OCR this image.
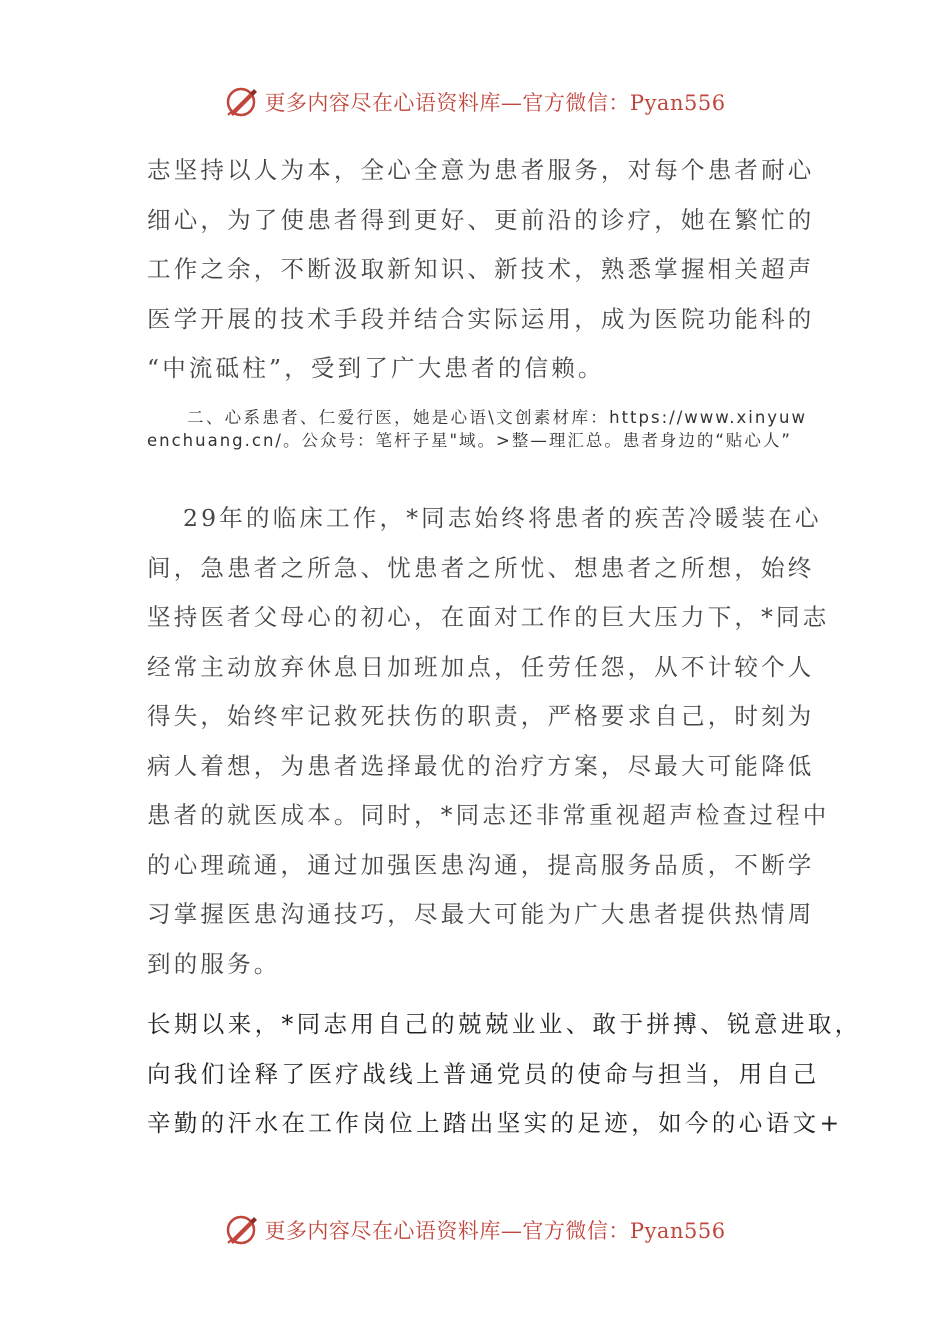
更多内容尽在心语资料库—官方微信：Pyan556
志坚持以人为本，全心全意为患者服务，对每个患者耐心
细心，为了使患者得到更好、更前沿的诊疗，她在繁忙的
工作之余，不断汲取新知识、新技术，熟悉掌握相关超声
医学开展的技术手段并结合实际运用，成为医院功能科的
“中流砥柱”，受到了广大患者的信赖。
二、心系患者、仁爱行医，她是心语\文创素材库：https://www.xinyuwenchuang.cn/。公众号：笔杆子星"域。>整—理汇总。患者身边的“贴心人”
29年的临床工作，*同志始终将患者的疾苦冷暖装在心
间，急患者之所急、忧患者之所忧、想患者之所想，始终
坚持医者父母心的初心，在面对工作的巨大压力下，*同志
经常主动放弃休息日加班加点，任劳任怨，从不计较个人
得失，始终牢记救死扶伤的职责，严格要求自己，时刻为
病人着想，为患者选择最优的治疗方案，尽最大可能降低
患者的就医成本。同时，*同志还非常重视超声检查过程中
的心理疏通，通过加强医患沟通，提高服务品质，不断学
习掌握医患沟通技巧，尽最大可能为广大患者提供热情周
到的服务。
长期以来，*同志用自己的兢兢业业、敢于拼搏、锐意进取，
向我们诠释了医疗战线上普通党员的使命与担当，用自己
辛勤的汗水在工作岗位上踏出坚实的足迹，如今的心语文+
更多内容尽在心语资料库—官方微信：Pyan556
